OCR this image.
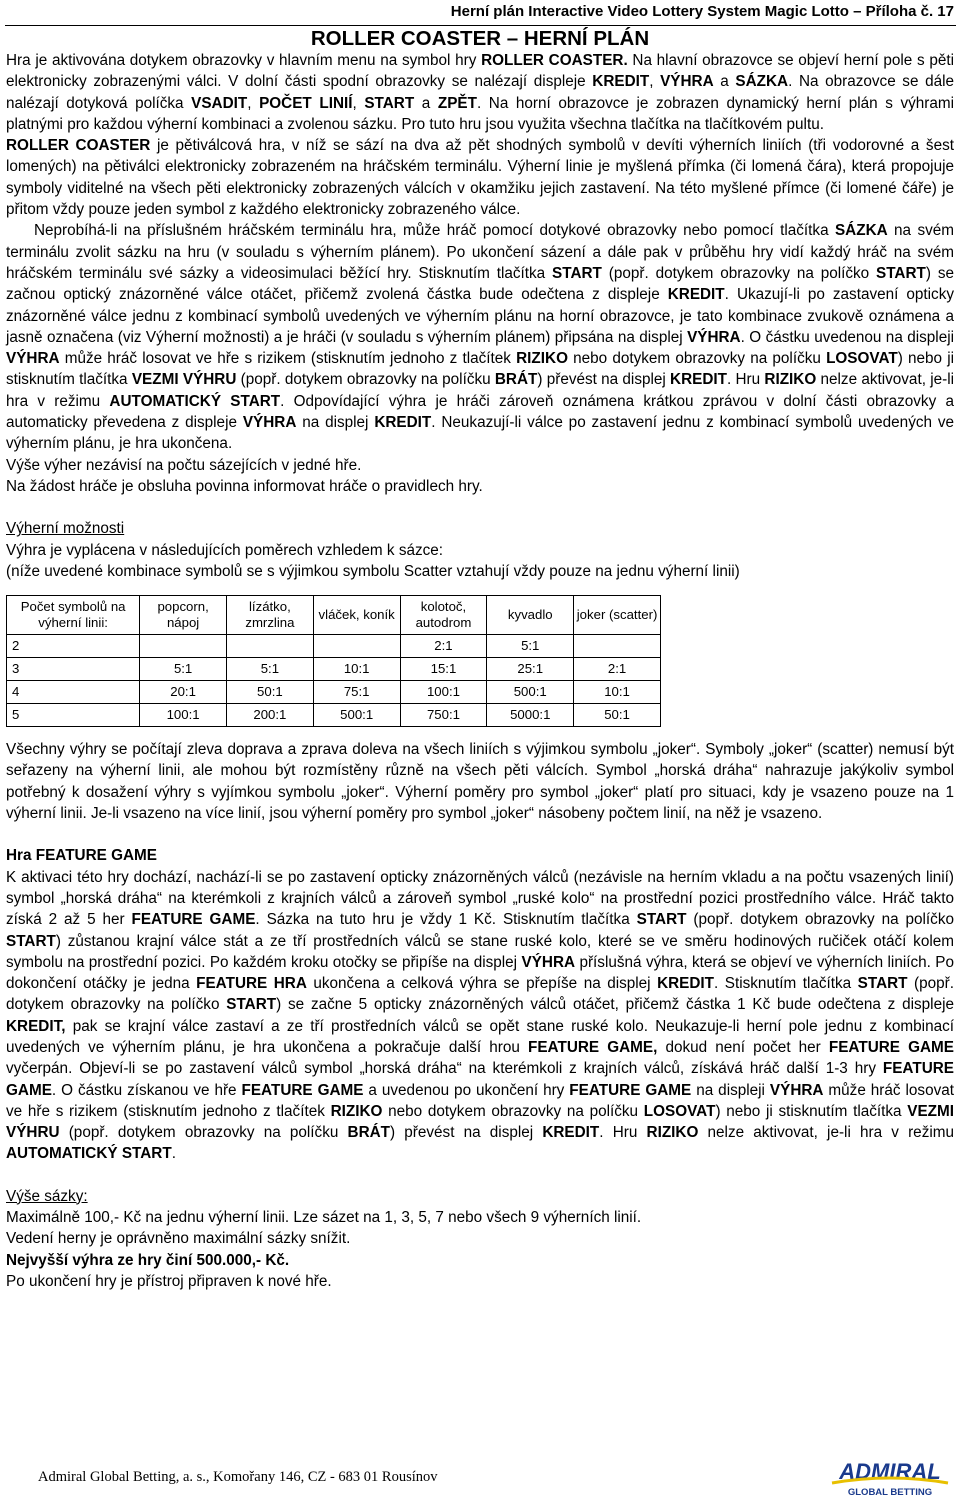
Herní plán Interactive Video Lottery System Magic Lotto – Příloha č. 17
ROLLER COASTER – HERNÍ PLÁN

Hra je aktivována dotykem obrazovky v hlavním menu na symbol hry ROLLER COASTER. Na hlavní obrazovce se objeví herní pole s pěti elektronicky zobrazenými válci. V dolní části spodní obrazovky se nalézají displeje KREDIT, VÝHRA a SÁZKA. Na obrazovce se dále nalézají dotyková políčka VSADIT, POČET LINIÍ, START a ZPĚT. Na horní obrazovce je zobrazen dynamický herní plán s výhrami platnými pro každou výherní kombinaci a zvolenou sázku. Pro tuto hru jsou využita všechna tlačítka na tlačítkovém pultu.

ROLLER COASTER je pětiválcová hra, v níž se sází na dva až pět shodných symbolů v devíti výherních liniích (tři vodorovné a šest lomených) na pětiválci elektronicky zobrazeném na hráčském terminálu. Výherní linie je myšlená přímka (či lomená čára), která propojuje symboly viditelné na všech pěti elektronicky zobrazených válcích v okamžiku jejich zastavení. Na této myšlené přímce (či lomené čáře) je přitom vždy pouze jeden symbol z každého elektronicky zobrazeného válce.

Neprobíhá-li na příslušném hráčském terminálu hra, může hráč pomocí dotykové obrazovky nebo pomocí tlačítka SÁZKA na svém terminálu zvolit sázku na hru (v souladu s výherním plánem). Po ukončení sázení a dále pak v průběhu hry vidí každý hráč na svém hráčském terminálu své sázky a videosimulaci běžící hry. Stisknutím tlačítka START (popř. dotykem obrazovky na políčko START) se začnou optický znázorněné válce otáčet, přičemž zvolená částka bude odečtena z displeje KREDIT. Ukazují-li po zastavení opticky znázorněné válce jednu z kombinací symbolů uvedených ve výherním plánu na horní obrazovce, je tato kombinace zvukově oznámena a jasně označena (viz Výherní možnosti) a je hráči (v souladu s výherním plánem) připsána na displej VÝHRA. O částku uvedenou na displeji VÝHRA může hráč losovat ve hře s rizikem (stisknutím jednoho z tlačítek RIZIKO nebo dotykem obrazovky na políčku LOSOVAT) nebo ji stisknutím tlačítka VEZMI VÝHRU (popř. dotykem obrazovky na políčku BRÁT) převést na displej KREDIT. Hru RIZIKO nelze aktivovat, je-li hra v režimu AUTOMATICKÝ START. Odpovídající výhra je hráči zároveň oznámena krátkou zprávou v dolní části obrazovky a automaticky převedena z displeje VÝHRA na displej KREDIT. Neukazují-li válce po zastavení jednu z kombinací symbolů uvedených ve výherním plánu, je hra ukončena.

Výše výher nezávisí na počtu sázejících v jedné hře.

Na žádost hráče je obsluha povinna informovat hráče o pravidlech hry.

Výherní možnosti

Výhra je vyplácena v následujících poměrech vzhledem k sázce:

(níže uvedené kombinace symbolů se s výjimkou symbolu Scatter vztahují vždy pouze na jednu výherní linii)

Počet symbolů na výherní linii:	popcorn, nápoj	lízátko, zmrzlina	vláček, koník	kolotoč, autodrom	kyvadlo	joker (scatter)
2				2:1	5:1	
3	5:1	5:1	10:1	15:1	25:1	2:1
4	20:1	50:1	75:1	100:1	500:1	10:1
5	100:1	200:1	500:1	750:1	5000:1	50:1

Všechny výhry se počítají zleva doprava a zprava doleva na všech liniích s výjimkou symbolu „joker“. Symboly „joker“ (scatter) nemusí být seřazeny na výherní linii, ale mohou být rozmístěny různě na všech pěti válcích. Symbol „horská dráha“ nahrazuje jakýkoliv symbol potřebný k dosažení výhry s vyjímkou symbolu „joker“. Výherní poměry pro symbol „joker“ platí pro situaci, kdy je vsazeno pouze na 1 výherní linii. Je-li vsazeno na více linií, jsou výherní poměry pro symbol „joker“ násobeny počtem linií, na něž je vsazeno.

Hra FEATURE GAME

K aktivaci této hry dochází, nachází-li se po zastavení opticky znázorněných válců (nezávisle na herním vkladu a na počtu vsazených linií) symbol „horská dráha“ na kterémkoli z krajních válců a zároveň symbol „ruské kolo“ na prostřední pozici prostředního válce. Hráč takto získá 2 až 5 her FEATURE GAME. Sázka na tuto hru je vždy 1 Kč. Stisknutím tlačítka START (popř. dotykem obrazovky na políčko START) zůstanou krajní válce stát a ze tří prostředních válců se stane ruské kolo, které se ve směru hodinových ručiček otáčí kolem symbolu na prostřední pozici. Po každém kroku otočky se připíše na displej VÝHRA příslušná výhra, která se objeví ve výherních liniích. Po dokončení otáčky je jedna FEATURE HRA ukončena a celková výhra se přepíše na displej KREDIT. Stisknutím tlačítka START (popř. dotykem obrazovky na políčko START) se začne 5 opticky znázorněných válců otáčet, přičemž částka 1 Kč bude odečtena z displeje KREDIT, pak se krajní válce zastaví a ze tří prostředních válců se opět stane ruské kolo. Neukazuje-li herní pole jednu z kombinací uvedených ve výherním plánu, je hra ukončena a pokračuje další hrou FEATURE GAME, dokud není počet her FEATURE GAME vyčerpán. Objeví-li se po zastavení válců symbol „horská dráha“ na kterémkoli z krajních válců, získává hráč další 1-3 hry FEATURE GAME. O částku získanou ve hře FEATURE GAME a uvedenou po ukončení hry FEATURE GAME na displeji VÝHRA může hráč losovat ve hře s rizikem (stisknutím jednoho z tlačítek RIZIKO nebo dotykem obrazovky na políčku LOSOVAT) nebo ji stisknutím tlačítka VEZMI VÝHRU (popř. dotykem obrazovky na políčku BRÁT) převést na displej KREDIT. Hru RIZIKO nelze aktivovat, je-li hra v režimu AUTOMATICKÝ START.

Výše sázky:

Maximálně 100,- Kč na jednu výherní linii. Lze sázet na 1, 3, 5, 7 nebo všech 9 výherních linií.

Vedení herny je oprávněno maximální sázky snížit.

Nejvyšší výhra ze hry činí 500.000,- Kč.

Po ukončení hry je přístroj připraven k nové hře.

Admiral Global Betting, a. s., Komořany 146, CZ - 683 01 Rousínov	ADMIRAL
GLOBAL BETTING
